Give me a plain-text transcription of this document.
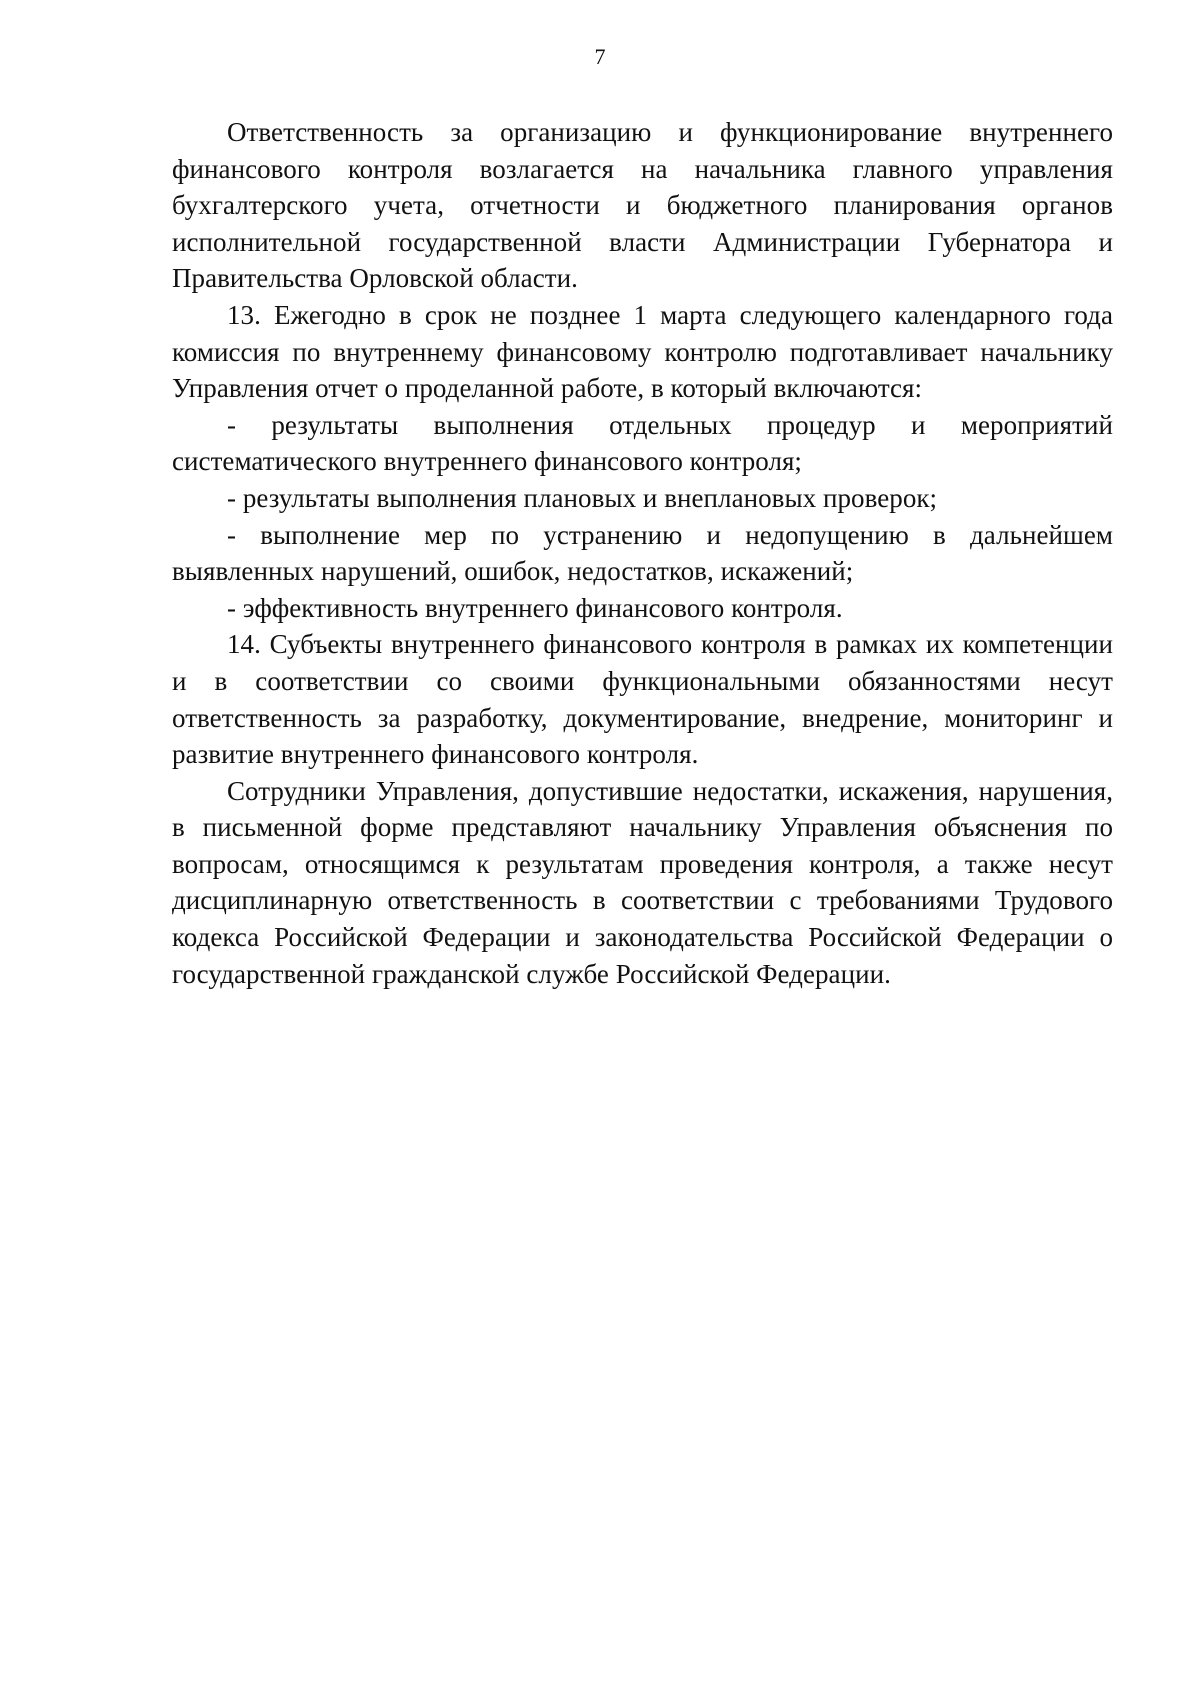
7

Ответственность за организацию и функционирование внутреннего финансового контроля возлагается на начальника главного управления бухгалтерского учета, отчетности и бюджетного планирования органов исполнительной государственной власти Администрации Губернатора и Правительства Орловской области.

13. Ежегодно в срок не позднее 1 марта следующего календарного года комиссия по внутреннему финансовому контролю подготавливает начальнику Управления отчет о проделанной работе, в который включаются:

- результаты выполнения отдельных процедур и мероприятий систематического внутреннего финансового контроля;

- результаты выполнения плановых и внеплановых проверок;

- выполнение мер по устранению и недопущению в дальнейшем выявленных нарушений, ошибок, недостатков, искажений;

- эффективность внутреннего финансового контроля.

14. Субъекты внутреннего финансового контроля в рамках их компетенции и в соответствии со своими функциональными обязанностями несут ответственность за разработку, документирование, внедрение, мониторинг и развитие внутреннего финансового контроля.

Сотрудники Управления, допустившие недостатки, искажения, нарушения, в письменной форме представляют начальнику Управления объяснения по вопросам, относящимся к результатам проведения контроля, а также несут дисциплинарную ответственность в соответствии с требованиями Трудового кодекса Российской Федерации и законодательства Российской Федерации о государственной гражданской службе Российской Федерации.
